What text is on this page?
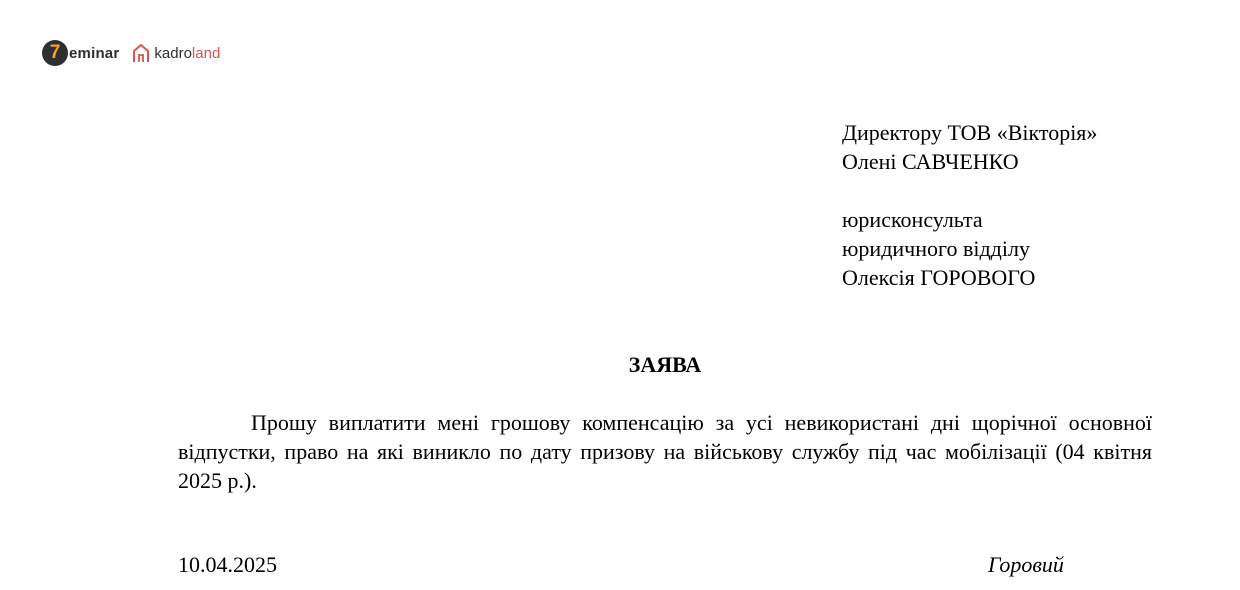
7 eminar kadroland
Директору ТОВ «Вікторія»
Олені САВЧЕНКО
юрисконсульта
юридичного відділу
Олексія ГОРОВОГО
ЗАЯВА
Прошу виплатити мені грошову компенсацію за усі невикористані дні щорічної основної відпустки, право на які виникло по дату призову на військову службу під час мобілізації (04 квітня 2025 р.).
10.04.2025	Горовий
